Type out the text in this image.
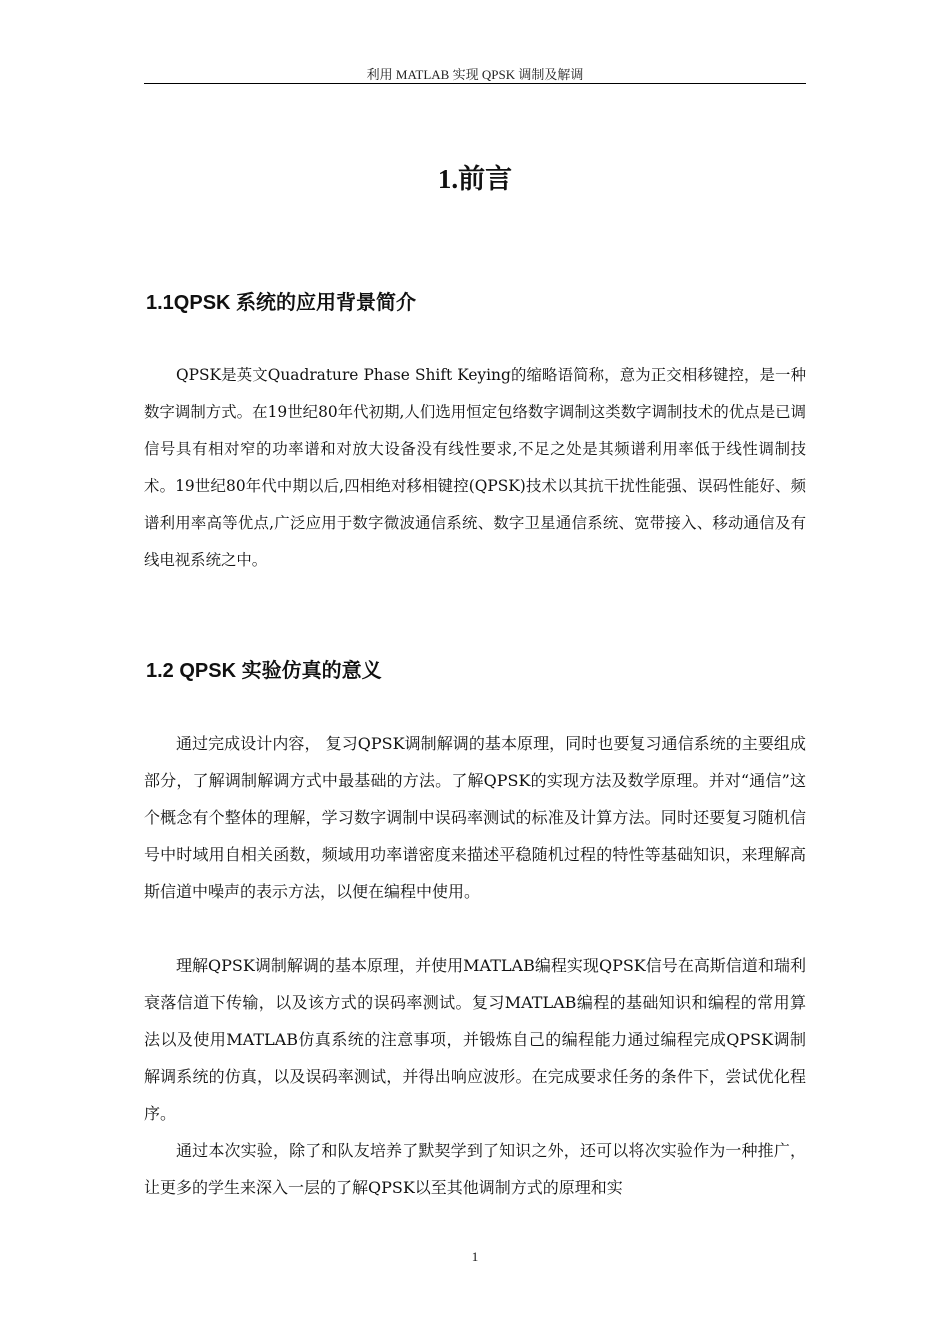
利用 MATLAB 实现 QPSK 调制及解调
1.前言
1.1QPSK 系统的应用背景简介

QPSK是英文Quadrature Phase Shift Keying的缩略语简称，意为正交相移键控，是一种数字调制方式。在19世纪80年代初期,人们选用恒定包络数字调制这类数字调制技术的优点是已调信号具有相对窄的功率谱和对放大设备没有线性要求,不足之处是其频谱利用率低于线性调制技术。19世纪80年代中期以后,四相绝对移相键控(QPSK)技术以其抗干扰性能强、误码性能好、频谱利用率高等优点,广泛应用于数字微波通信系统、数字卫星通信系统、宽带接入、移动通信及有线电视系统之中。

1.2 QPSK 实验仿真的意义

通过完成设计内容， 复习QPSK调制解调的基本原理，同时也要复习通信系统的主要组成部分，了解调制解调方式中最基础的方法。了解QPSK的实现方法及数学原理。并对“通信”这个概念有个整体的理解，学习数字调制中误码率测试的标准及计算方法。同时还要复习随机信号中时域用自相关函数，频域用功率谱密度来描述平稳随机过程的特性等基础知识，来理解高斯信道中噪声的表示方法，以便在编程中使用。

理解QPSK调制解调的基本原理，并使用MATLAB编程实现QPSK信号在高斯信道和瑞利衰落信道下传输，以及该方式的误码率测试。复习MATLAB编程的基础知识和编程的常用算法以及使用MATLAB仿真系统的注意事项，并锻炼自己的编程能力通过编程完成QPSK调制解调系统的仿真，以及误码率测试，并得出响应波形。在完成要求任务的条件下，尝试优化程序。

通过本次实验，除了和队友培养了默契学到了知识之外，还可以将次实验作为一种推广，让更多的学生来深入一层的了解QPSK以至其他调制方式的原理和实

1
